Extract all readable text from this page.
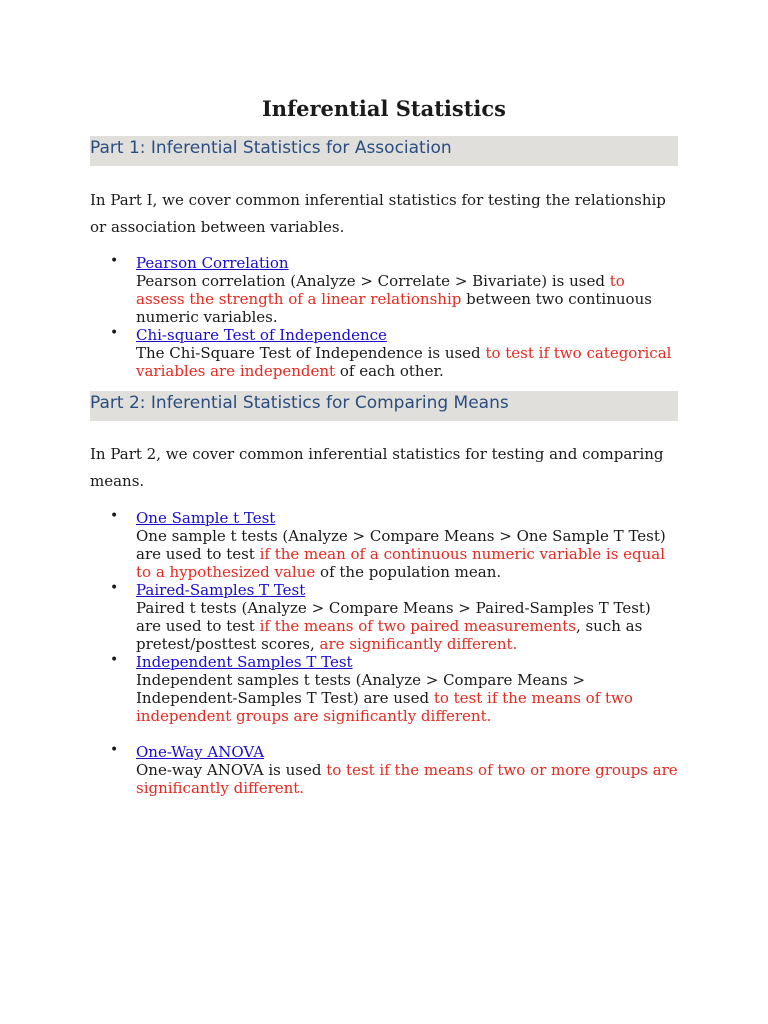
Inferential Statistics
Part 1: Inferential Statistics for Association

In Part I, we cover common inferential statistics for testing the relationship or association between variables.

• Pearson Correlation
Pearson correlation (Analyze > Correlate > Bivariate) is used to assess the strength of a linear relationship between two continuous numeric variables.
• Chi-square Test of Independence
The Chi-Square Test of Independence is used to test if two categorical variables are independent of each other.
Part 2: Inferential Statistics for Comparing Means

In Part 2, we cover common inferential statistics for testing and comparing means.

• One Sample t Test
One sample t tests (Analyze > Compare Means > One Sample T Test) are used to test if the mean of a continuous numeric variable is equal to a hypothesized value of the population mean.
• Paired-Samples T Test
Paired t tests (Analyze > Compare Means > Paired-Samples T Test) are used to test if the means of two paired measurements, such as pretest/posttest scores, are significantly different.
• Independent Samples T Test
Independent samples t tests (Analyze > Compare Means > Independent-Samples T Test) are used to test if the means of two independent groups are significantly different.
• One-Way ANOVA
One-way ANOVA is used to test if the means of two or more groups are significantly different.
